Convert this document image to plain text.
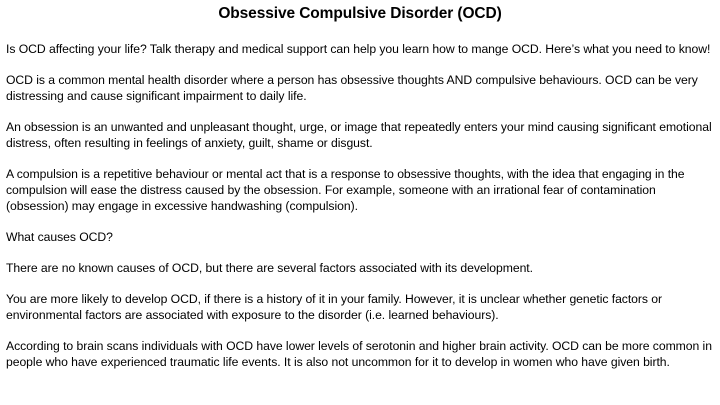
Obsessive Compulsive Disorder (OCD)

Is OCD affecting your life? Talk therapy and medical support can help you learn how to mange OCD. Here’s what you need to know!

OCD is a common mental health disorder where a person has obsessive thoughts AND compulsive behaviours. OCD can be very distressing and cause significant impairment to daily life.

An obsession is an unwanted and unpleasant thought, urge, or image that repeatedly enters your mind causing significant emotional distress, often resulting in feelings of anxiety, guilt, shame or disgust.

A compulsion is a repetitive behaviour or mental act that is a response to obsessive thoughts, with the idea that engaging in the compulsion will ease the distress caused by the obsession. For example, someone with an irrational fear of contamination (obsession) may engage in excessive handwashing (compulsion).

What causes OCD?

There are no known causes of OCD, but there are several factors associated with its development.

You are more likely to develop OCD, if there is a history of it in your family. However, it is unclear whether genetic factors or environmental factors are associated with exposure to the disorder (i.e. learned behaviours).

According to brain scans individuals with OCD have lower levels of serotonin and higher brain activity. OCD can be more common in people who have experienced traumatic life events. It is also not uncommon for it to develop in women who have given birth.
